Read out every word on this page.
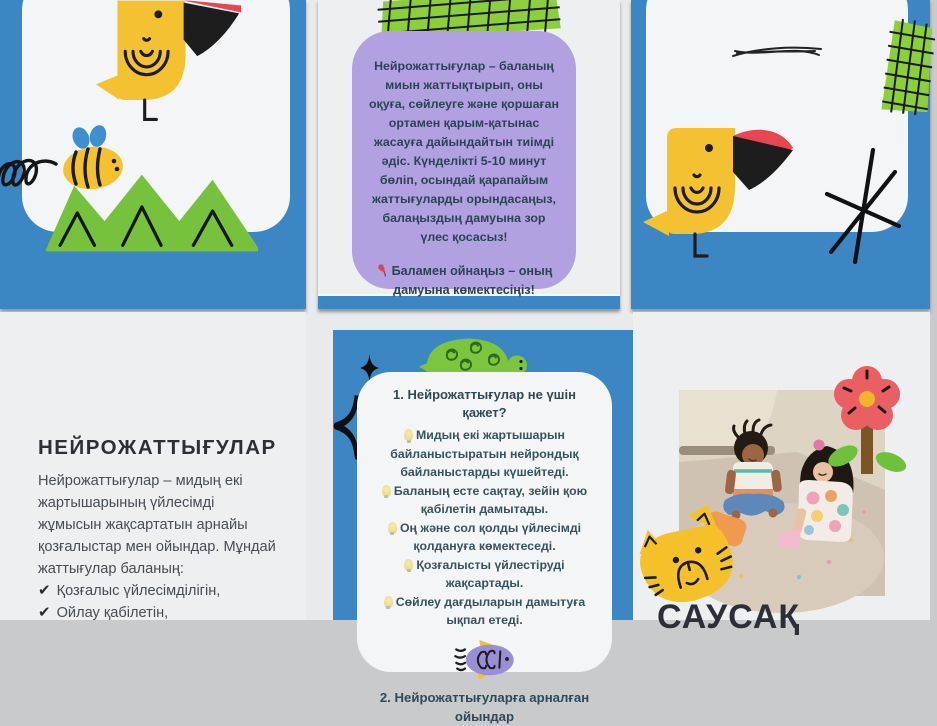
Нейрожаттығулар – баланың миын жаттықтырып, оны оқуға, сөйлеуге және қоршаған ортамен қарым-қатынас жасауға дайындайтын тиімді әдіс. Күнделікті 5-10 минут бөліп, осындай қарапайым жаттығуларды орындасаңыз, балаңыздың дамуына зор үлес қосасыз!

Баламен ойнаңыз – оның дамуына көмектесіңіз!
НЕЙРОЖАТТЫҒУЛАР
Нейрожаттығулар – мидың екі жартышарының үйлесімді жұмысын жақсартатын арнайы қозғалыстар мен ойындар. Мұндай жаттығулар баланың:
✔ Қозғалыс үйлесімділігін,
✔ Ойлау қабілетін,

1. Нейрожаттығулар не үшін қажет?

Мидың екі жартышарын байланыстыратын нейрондық байланыстарды күшейтеді.
Баланың есте сақтау, зейін қою қабілетін дамытады.
Оң және сол қолды үйлесімді қолдануға көмектеседі.
Қозғалысты үйлестіруді жақсартады.
Сөйлеу дағдыларын дамытуға ықпал етеді.

2. Нейрожаттығуларға арналған ойындар

САУСАҚ
